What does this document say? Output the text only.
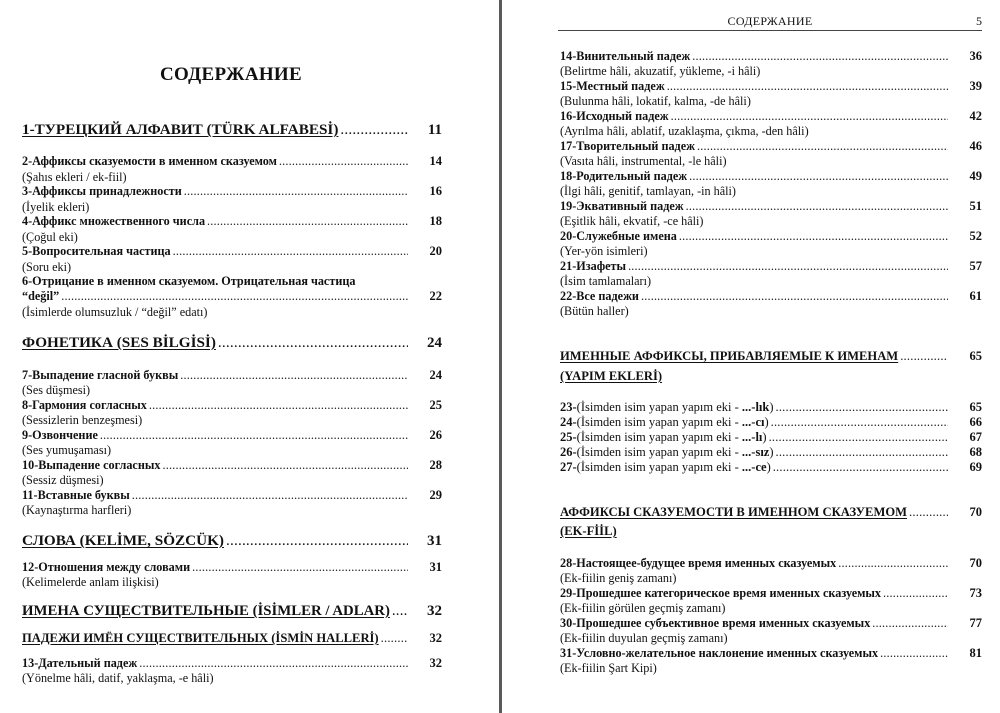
СОДЕРЖАНИЕ
1-ТУРЕЦКИЙ АЛФАВИТ (TÜRK ALFABESİ) .....	11
2-Аффиксы сказуемости в именном сказуемом .....	14
(Şahıs ekleri / ek-fiil)
3-Аффиксы принадлежности .....	16
(İyelik ekleri)
4-Аффикс множественного числа .....	18
(Çoğul eki)
5-Вопросительная частица .....	20
(Soru eki)
6-Отрицание в именном сказуемом. Отрицательная частица
“değil” .....	22
(İsimlerde olumsuzluk / “değil” edatı)
ФОНЕТИКА (SES BİLGİSİ) .....	24
7-Выпадение гласной буквы .....	24
(Ses düşmesi)
8-Гармония согласных .....	25
(Sessizlerin benzeşmesi)
9-Озвончение .....	26
(Ses yumuşaması)
10-Выпадение согласных .....	28
(Sessiz düşmesi)
11-Вставные буквы .....	29
(Kaynaştırma harfleri)
СЛОВА (KELİME, SÖZCÜK) .....	31
12-Отношения между словами .....	31
(Kelimelerde anlam ilişkisi)
ИМЕНА СУЩЕСТВИТЕЛЬНЫЕ (İSİMLER / ADLAR) .....	32
ПАДЕЖИ ИМЁН СУЩЕСТВИТЕЛЬНЫХ (İSMİN HALLERİ) .....	32
13-Дательный падеж .....	32
(Yönelme hâli, datif, yaklaşma, -e hâli)
СОДЕРЖАНИЕ	5
14-Винительный падеж .....	36
(Belirtme hâli, akuzatif, yükleme, -i hâli)
15-Местный падеж .....	39
(Bulunma hâli, lokatif, kalma, -de hâli)
16-Исходный падеж .....	42
(Ayrılma hâli, ablatif, uzaklaşma, çıkma, -den hâli)
17-Творительный падеж .....	46
(Vasıta hâli, instrumental, -le hâli)
18-Родительный падеж .....	49
(İlgi hâli, genitif, tamlayan, -in hâli)
19-Эквативный падеж .....	51
(Eşitlik hâli, ekvatif, -ce hâli)
20-Служебные имена .....	52
(Yer-yön isimleri)
21-Изафеты .....	57
(İsim tamlamaları)
22-Все падежи .....	61
(Bütün haller)
ИМЕННЫЕ АФФИКСЫ, ПРИБАВЛЯЕМЫЕ К ИМЕНАМ .....	65
(YAPIM EKLERİ)
23-(İsimden isim yapan yapım eki - ...-lık) .....	65
24-(İsimden isim yapan yapım eki - ...-cı) .....	66
25-(İsimden isim yapan yapım eki - ...-lı) .....	67
26-(İsimden isim yapan yapım eki - ...-sız) .....	68
27-(İsimden isim yapan yapım eki - ...-ce) .....	69
АФФИКСЫ СКАЗУЕМОСТИ В ИМЕННОМ СКАЗУЕМОМ .....	70
(EK-FİİL)
28-Настоящее-будущее время именных сказуемых .....	70
(Ek-fiilin geniş zamanı)
29-Прошедшее категорическое время именных сказуемых .....	73
(Ek-fiilin görülen geçmiş zamanı)
30-Прошедшее субъективное время именных сказуемых .....	77
(Ek-fiilin duyulan geçmiş zamanı)
31-Условно-желательное наклонение именных сказуемых .....	81
(Ek-fiilin Şart Kipi)
